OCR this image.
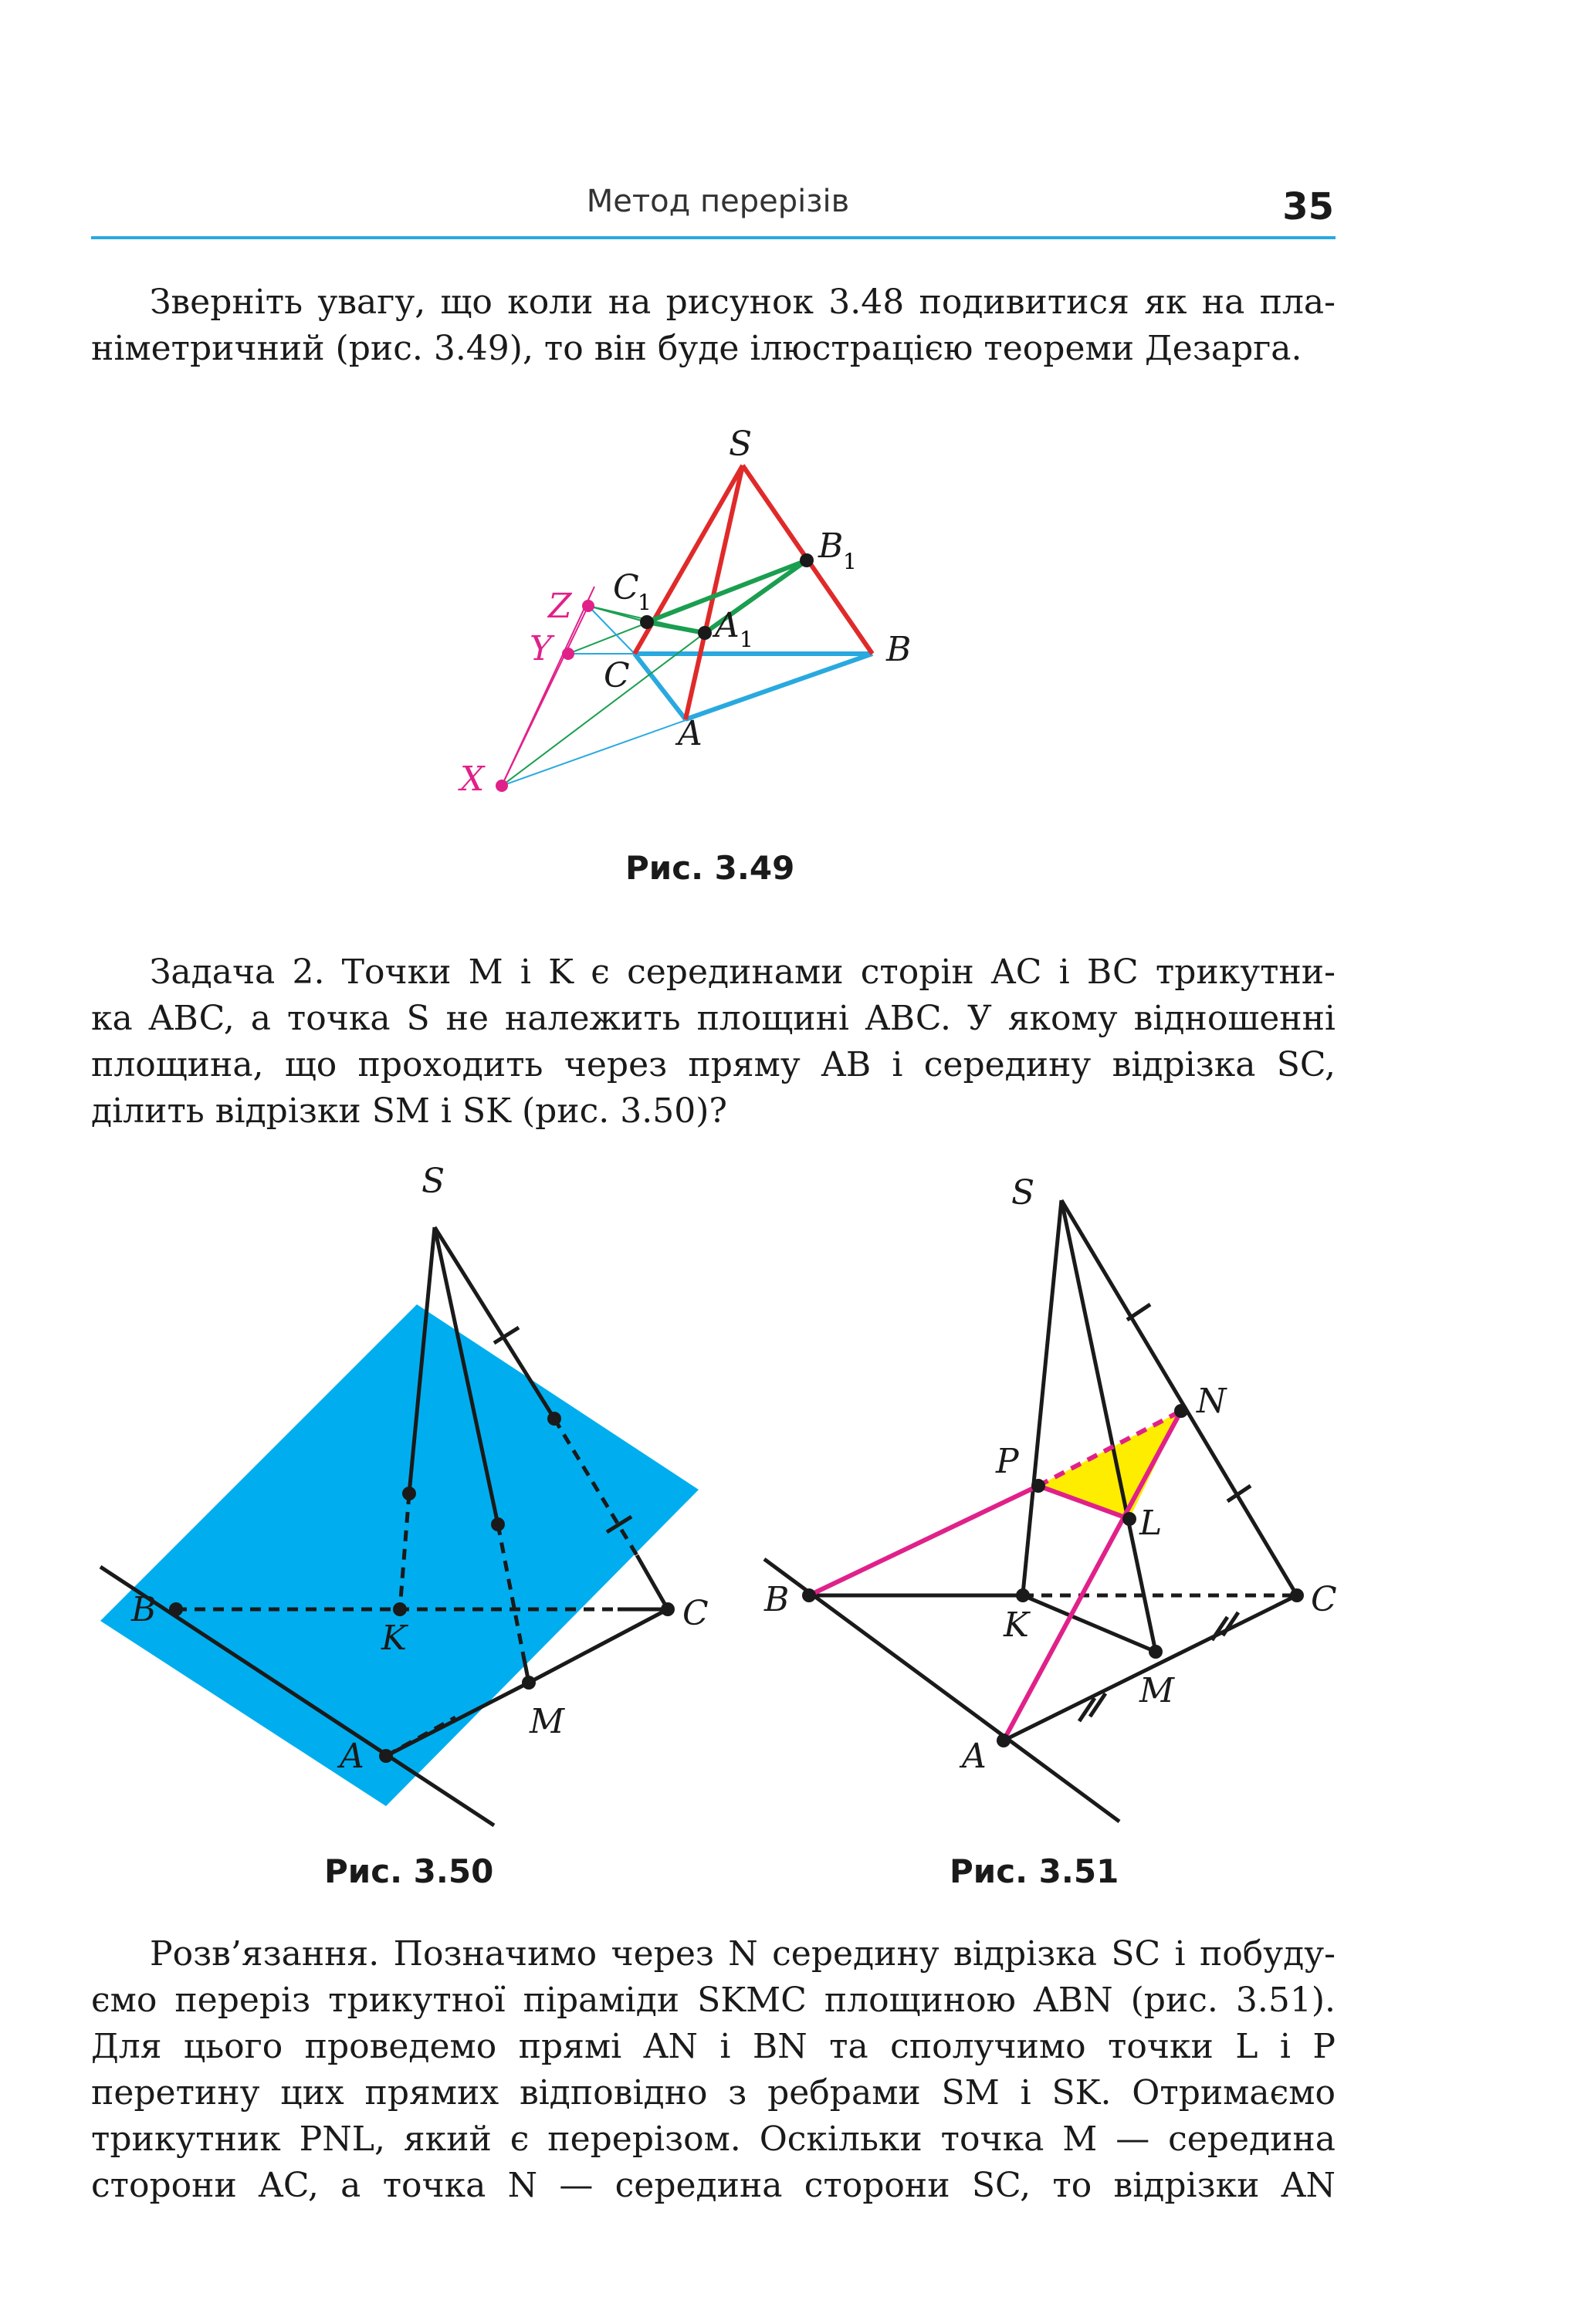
Метод перерізів	35
Зверніть увагу, що коли на рисунок 3.48 подивитися як на пла-
німетричний (рис. 3.49), то він буде ілюстрацією теореми Дезарга.
S
B 1
C
1
A 1	B
C
A
Z
Y
X
Рис. 3.49
Задача 2. Точки M і K є серединами сторін AC і BC трикутни-
ка ABC, а точка S не належить площині ABC. У якому відношенні
площина, що проходить через пряму AB і середину відрізка SC,
ділить відрізки SM і SK (рис. 3.50)?
S
B
K
C
M
A
Рис. 3.50
S
N
P
L
B
K
C
M
A
Рис. 3.51
Розв’язання. Позначимо через N середину відрізка SC і побуду-
ємо переріз трикутної піраміди SKMC площиною ABN (рис. 3.51).
Для цього проведемо прямі AN і BN та сполучимо точки L і P
перетину цих прямих відповідно з ребрами SM і SK. Отримаємо
трикутник PNL, який є перерізом. Оскільки точка M — середина
сторони AC, а точка N — середина сторони SC, то відрізки AN
